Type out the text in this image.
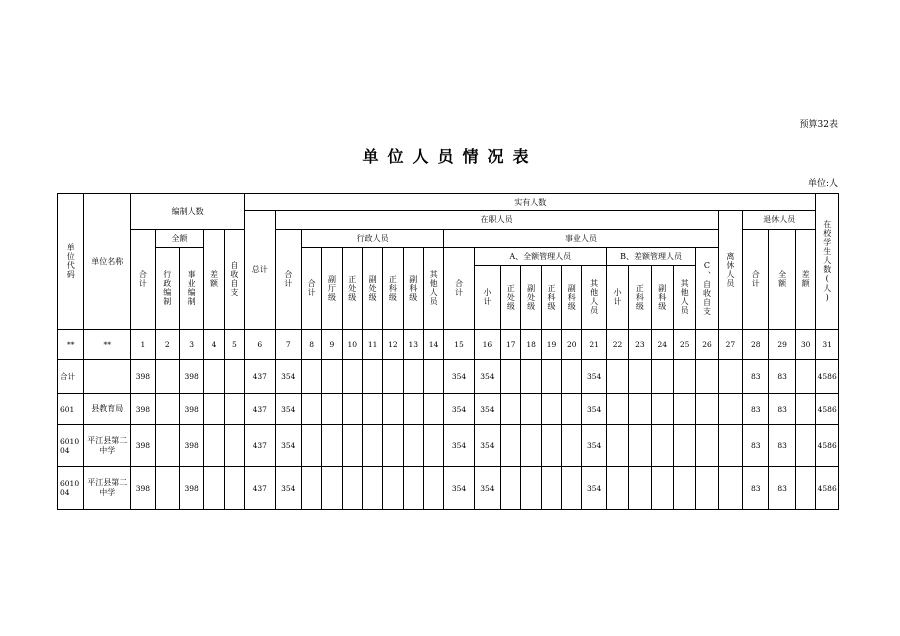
预算32表
单位人员情况表
单位:人
单位代码	单位名称	编制人数					实有人数																									在校学生人数(人)
							总计	在职人员																				离休人员	退休人员			
		合计	全额		差额	自收自支		合计	行政人员							事业人员													合计	全额	差额	
			行政编制	事业编制					合计	副厅级	正处级	副处级	正科级	副科级	其他人员	合计	A、全额管理人员						B、差额管理人员				C、自收自支					
																	小计	正处级	副处级	正科级	副科级	其他人员	小计	正科级	副科级	其他人员						
**	**	1	2	3	4	5	6	7	8	9	10	11	12	13	14	15	16	17	18	19	20	21	22	23	24	25	26	27	28	29	30	31
合计		398		398			437	354								354	354					354							83	83		4586
601	县教育局	398		398			437	354								354	354					354							83	83		4586
601004	平江县第二中学	398		398			437	354								354	354					354							83	83		4586
601004	平江县第二中学	398		398			437	354								354	354					354							83	83		4586
